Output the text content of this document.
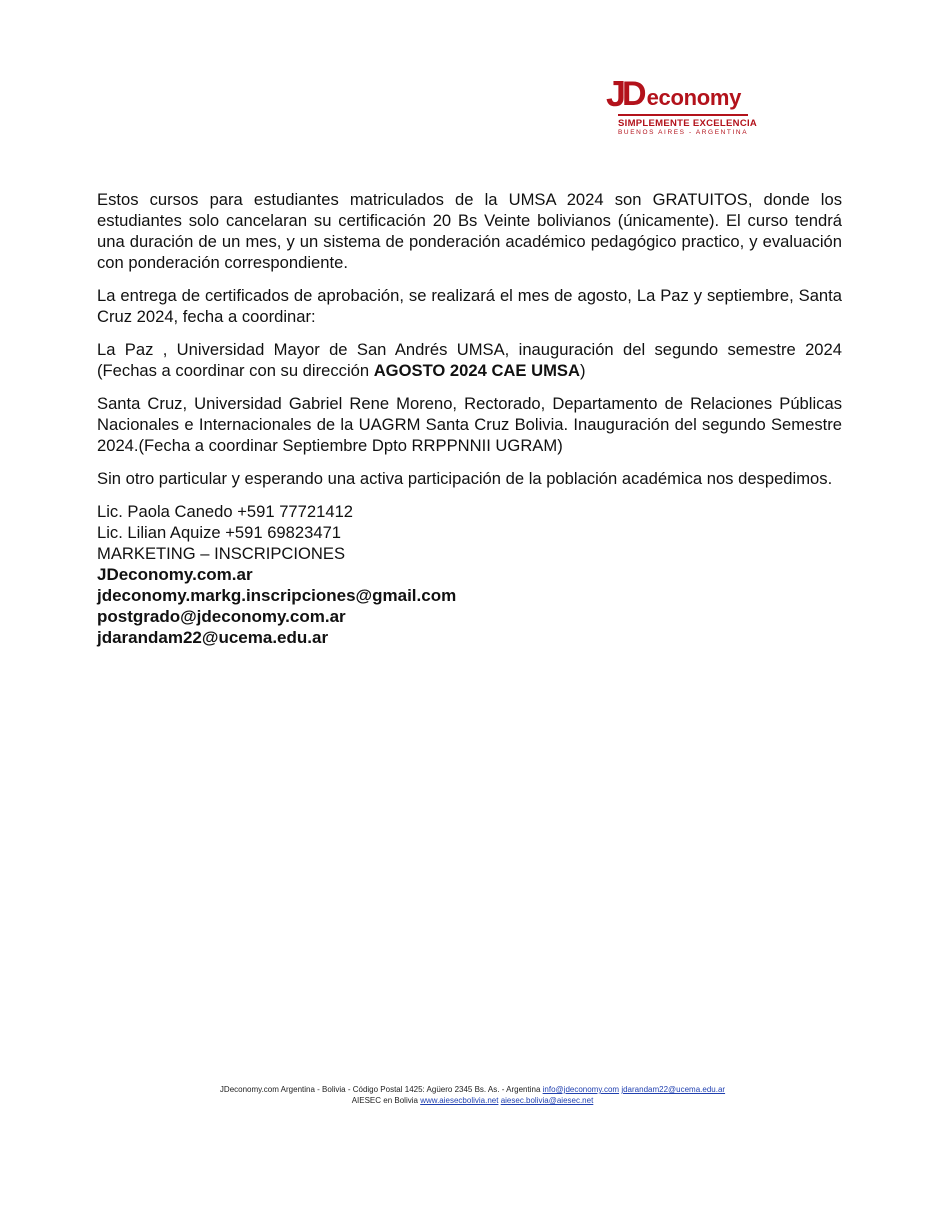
J
D economy
SIMPLEMENTE EXCELENCIA
BUENOS AIRES - ARGENTINA

Estos cursos para estudiantes matriculados de la UMSA 2024 son GRATUITOS, donde los estudiantes solo cancelaran su certificación 20 Bs Veinte bolivianos (únicamente). El curso tendrá una duración de un mes, y un sistema de ponderación académico pedagógico practico, y evaluación con ponderación correspondiente.

La entrega de certificados de aprobación, se realizará el mes de agosto, La Paz y septiembre, Santa Cruz 2024, fecha a coordinar:

La Paz , Universidad Mayor de San Andrés UMSA, inauguración del segundo semestre 2024 (Fechas a coordinar con su dirección AGOSTO 2024 CAE UMSA)

Santa Cruz, Universidad Gabriel Rene Moreno, Rectorado, Departamento de Relaciones Públicas Nacionales e Internacionales de la UAGRM Santa Cruz Bolivia. Inauguración del segundo Semestre 2024.(Fecha a coordinar Septiembre Dpto RRPPNNII UGRAM)

Sin otro particular y esperando una activa participación de la población académica nos despedimos.

Lic. Paola Canedo +591 77721412
Lic. Lilian Aquize +591 69823471
MARKETING – INSCRIPCIONES
JDeconomy.com.ar
jdeconomy.markg.inscripciones@gmail.com
postgrado@jdeconomy.com.ar
jdarandam22@ucema.edu.ar
JDeconomy.com Argentina - Bolivia - Código Postal 1425: Agüero 2345 Bs. As. - Argentina info@jdeconomy.com jdarandam22@ucema.edu.ar
AIESEC en Bolivia www.aiesecbolivia.net aiesec.bolivia@aiesec.net
